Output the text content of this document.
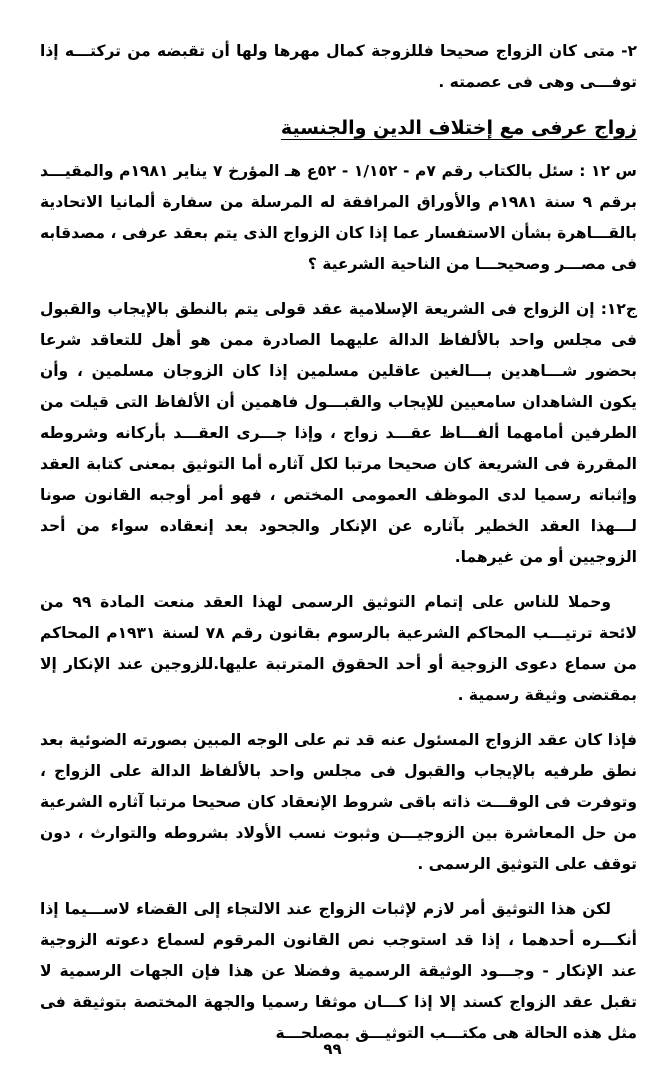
٢- متى كان الزواج صحيحا فللزوجة كمال مهرها ولها أن تقبضه من تركتـــه إذا توفـــى وهى فى عصمته .

زواج عرفى مع إختلاف الدين والجنسية

س ١٢ : سئل بالكتاب رقم ٧م - ١/١٥٢ - ٥٢ع هـ المؤرخ ٧ يناير ١٩٨١م والمقيـــد برقم ٩ سنة ١٩٨١م والأوراق المرافقة له المرسلة من سفارة ألمانيا الاتحادية بالقـــاهرة بشأن الاستفسار عما إذا كان الزواج الذى يتم بعقد عرفى ، مصدقابه فى مصـــر وصحيحـــا من الناحية الشرعية ؟

ج١٢: إن الزواج فى الشريعة الإسلامية عقد قولى يتم بالنطق بالإيجاب والقبول فى مجلس واحد بالألفاظ الدالة عليهما الصادرة ممن هو أهل للتعاقد شرعا بحضور شـــاهدين بـــالغين عاقلين مسلمين إذا كان الزوجان مسلمين ، وأن يكون الشاهدان سامعيين للإيجاب والقبـــول فاهمين أن الألفاظ التى قيلت من الطرفين أمامهما ألفـــاظ عقـــد زواج ، وإذا جـــرى العقـــد بأركانه وشروطه المقررة فى الشريعة كان صحيحا مرتبا لكل آثاره أما التوثيق بمعنى كتابة العقد وإثباته رسميا لدى الموظف العمومى المختص ، فهو أمر أوجبه القانون صونا لـــهذا العقد الخطير بآثاره عن الإنكار والجحود بعد إنعقاده سواء من أحد الزوجيين أو من غيرهما.

وحملا للناس على إتمام التوثيق الرسمى لهذا العقد منعت المادة ٩٩ من لائحة ترتيـــب المحاكم الشرعية بالرسوم بقانون رقم ٧٨ لسنة ١٩٣١م المحاكم من سماع دعوى الزوجية أو أحد الحقوق المترتبة عليها.للزوجين عند الإنكار إلا بمقتضى وثيقة رسمية .

فإذا كان عقد الزواج المسئول عنه قد تم على الوجه المبين بصورته الضوئية بعد نطق طرفيه بالإيجاب والقبول فى مجلس واحد بالألفاظ الدالة على الزواج ، وتوفرت فى الوقـــت ذاته باقى شروط الإنعقاد كان صحيحا مرتبا آثاره الشرعية من حل المعاشرة بين الزوجيـــن وثبوت نسب الأولاد بشروطه والتوارث ، دون توقف على التوثيق الرسمى .

لكن هذا التوثيق أمر لازم لإثبات الزواج عند الالتجاء إلى القضاء لاســـيما إذا أنكـــره أحدهما ، إذا قد استوجب نص القانون المرقوم لسماع دعوته الزوجية عند الإنكار - وجـــود الوثيقة الرسمية وفضلا عن هذا فإن الجهات الرسمية لا تقبل عقد الزواج كسند إلا إذا كـــان موثقا رسميا والجهة المختصة بتوثيقة فى مثل هذه الحالة هى مكتـــب التوثيـــق بمصلحـــة

٩٩
